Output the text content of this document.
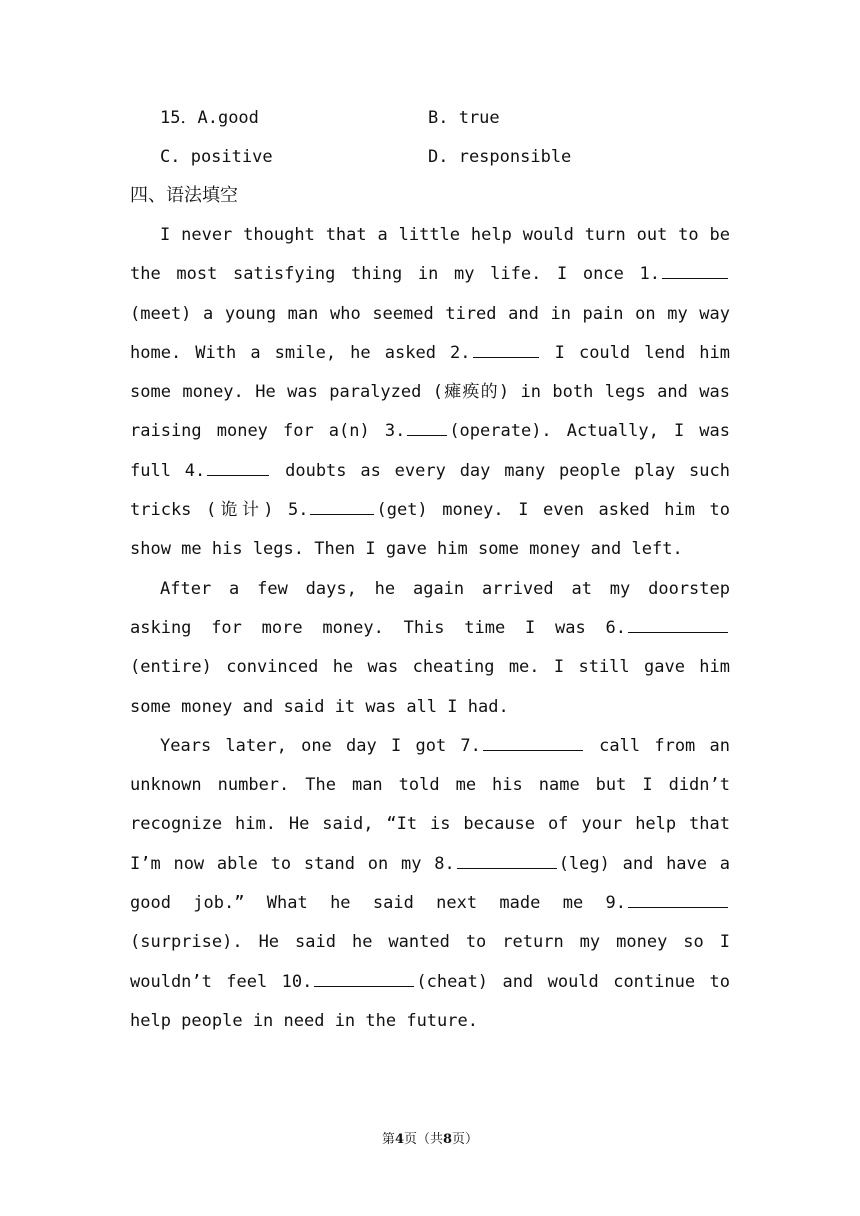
15．A.good	B. true
C. positive	D. responsible
四、语法填空

I never thought that a little help would turn out to be the most satisfying thing in my life. I once 1. (meet) a young man who seemed tired and in pain on my way home. With a smile, he asked 2.	I could lend him some money. He was paralyzed (瘫痪的) in both legs and was raising money for a(n) 3.	(operate). Actually, I was full 4.	doubts as every day many people play such tricks (诡计) 5.	(get) money. I even asked him to show me his legs. Then I gave him some money and left.

After a few days, he again arrived at my doorstep asking for more money. This time I was 6.(entire) convinced he was cheating me. I still gave him some money and said it was all I had.

Years later, one day I got 7.	call from an unknown number. The man told me his name but I didn’t recognize him. He said, “It is because of your help that I’m now able to stand on my 8.	(leg) and have a good job.” What he said next made me 9.(surprise). He said he wanted to return my money so I wouldn’t feel 10.	(cheat) and would continue to help people in need in the future.

第4页（共8页）
